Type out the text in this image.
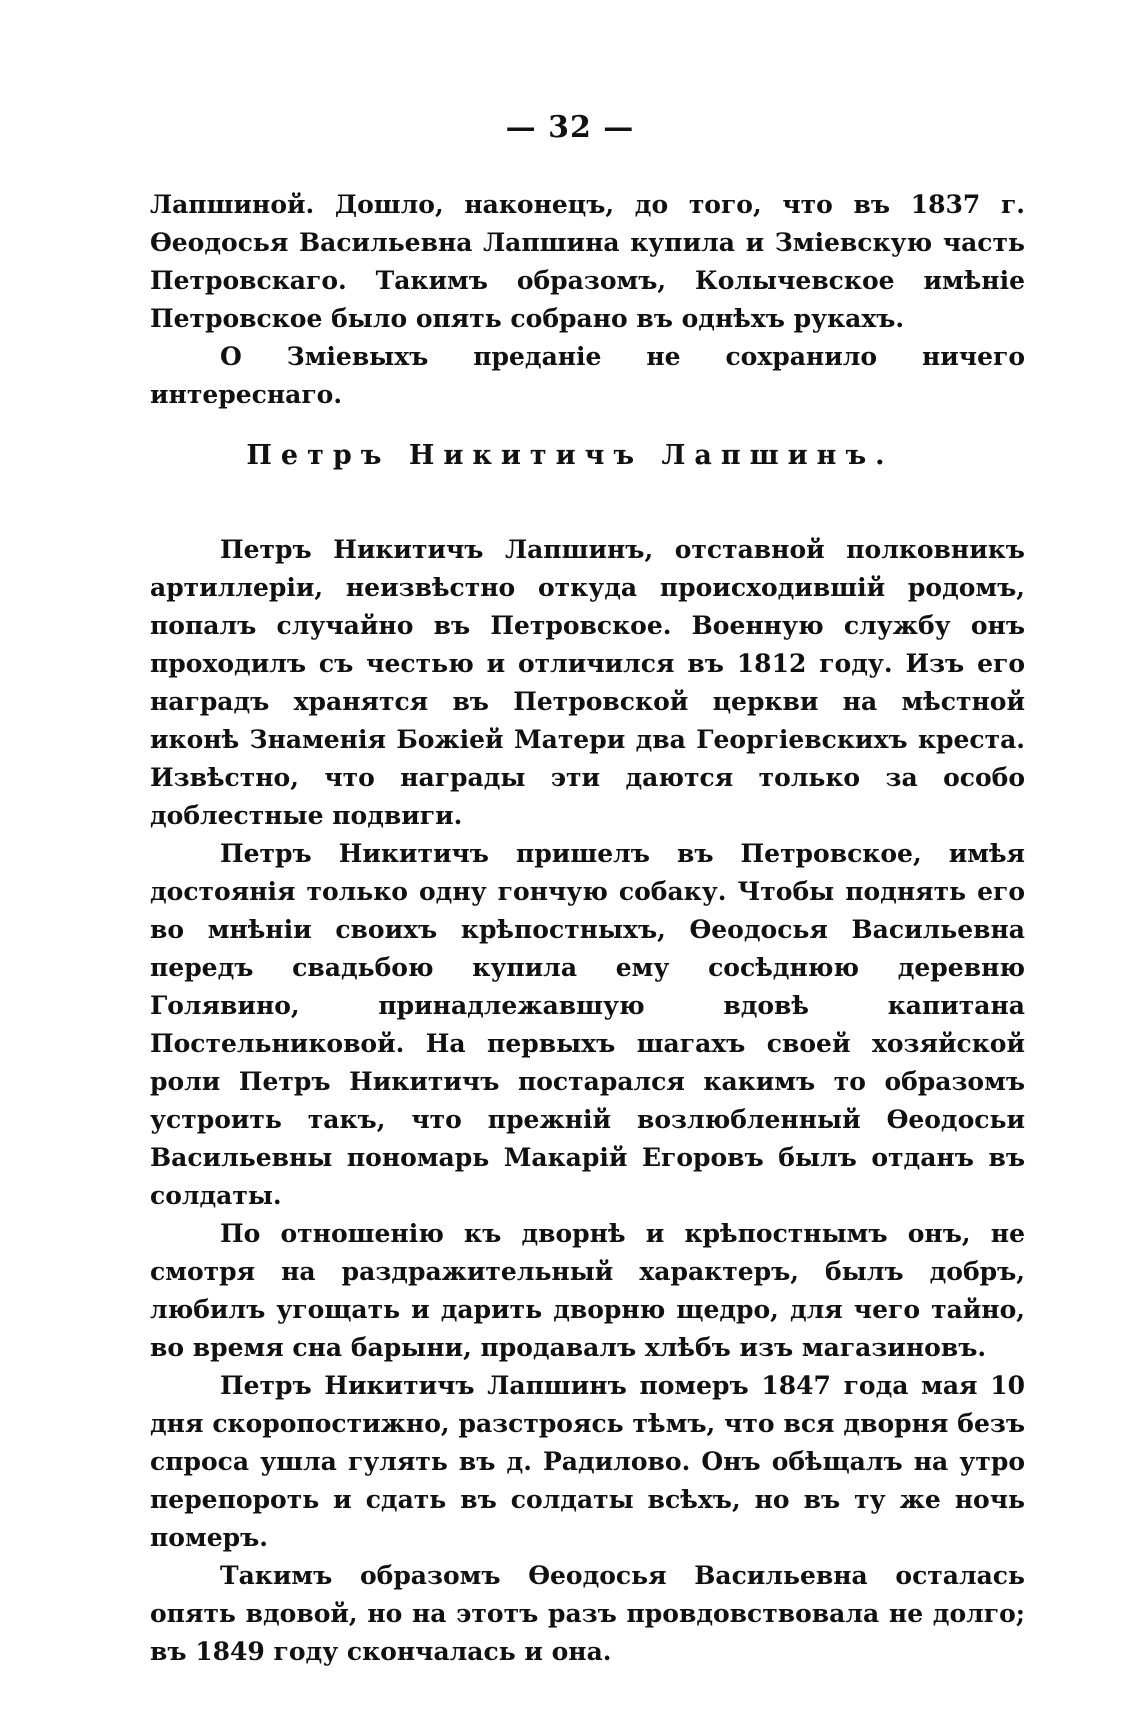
— 32 —

Лапшиной. Дошло, наконецъ, до того, что въ 1837 г. Ѳеодосья Васильевна Лапшина купила и Змiевскую часть Петровскаго. Такимъ образомъ, Колычевское имѣнiе Петровское было опять собрано въ однѣхъ рукахъ.

О Змiевыхъ преданiе не сохранило ничего интереснаго.

Петръ Никитичъ Лапшинъ.

Петръ Никитичъ Лапшинъ, отставной полковникъ артиллерiи, неизвѣстно откуда происходившiй родомъ, попалъ случайно въ Петровское. Военную службу онъ проходилъ съ честью и отличился въ 1812 году. Изъ его наградъ хранятся въ Петровской церкви на мѣстной иконѣ Знаменiя Божiей Матери два Георгiевскихъ креста. Извѣстно, что награды эти даются только за особо доблестные подвиги.

Петръ Никитичъ пришелъ въ Петровское, имѣя достоянiя только одну гончую собаку. Чтобы поднять его во мнѣнiи своихъ крѣпостныхъ, Ѳеодосья Васильевна передъ свадьбою купила ему сосѣднюю деревню Голявино, принадлежавшую вдовѣ капитана Постельниковой. На первыхъ шагахъ своей хозяйской роли Петръ Никитичъ постарался какимъ то образомъ устроить такъ, что прежнiй возлюбленный Ѳеодосьи Васильевны пономарь Макарiй Егоровъ былъ отданъ въ солдаты.

По отношенiю къ дворнѣ и крѣпостнымъ онъ, не смотря на раздражительный характеръ, былъ добръ, любилъ угощать и дарить дворню щедро, для чего тайно, во время сна барыни, продавалъ хлѣбъ изъ магазиновъ.

Петръ Никитичъ Лапшинъ померъ 1847 года мая 10 дня скоропостижно, разстроясь тѣмъ, что вся дворня безъ спроса ушла гулять въ д. Радилово. Онъ обѣщалъ на утро перепороть и сдать въ солдаты всѣхъ, но въ ту же ночь померъ.

Такимъ образомъ Ѳеодосья Васильевна осталась опять вдовой, но на этотъ разъ провдовствовала не долго; въ 1849 году скончалась и она.
